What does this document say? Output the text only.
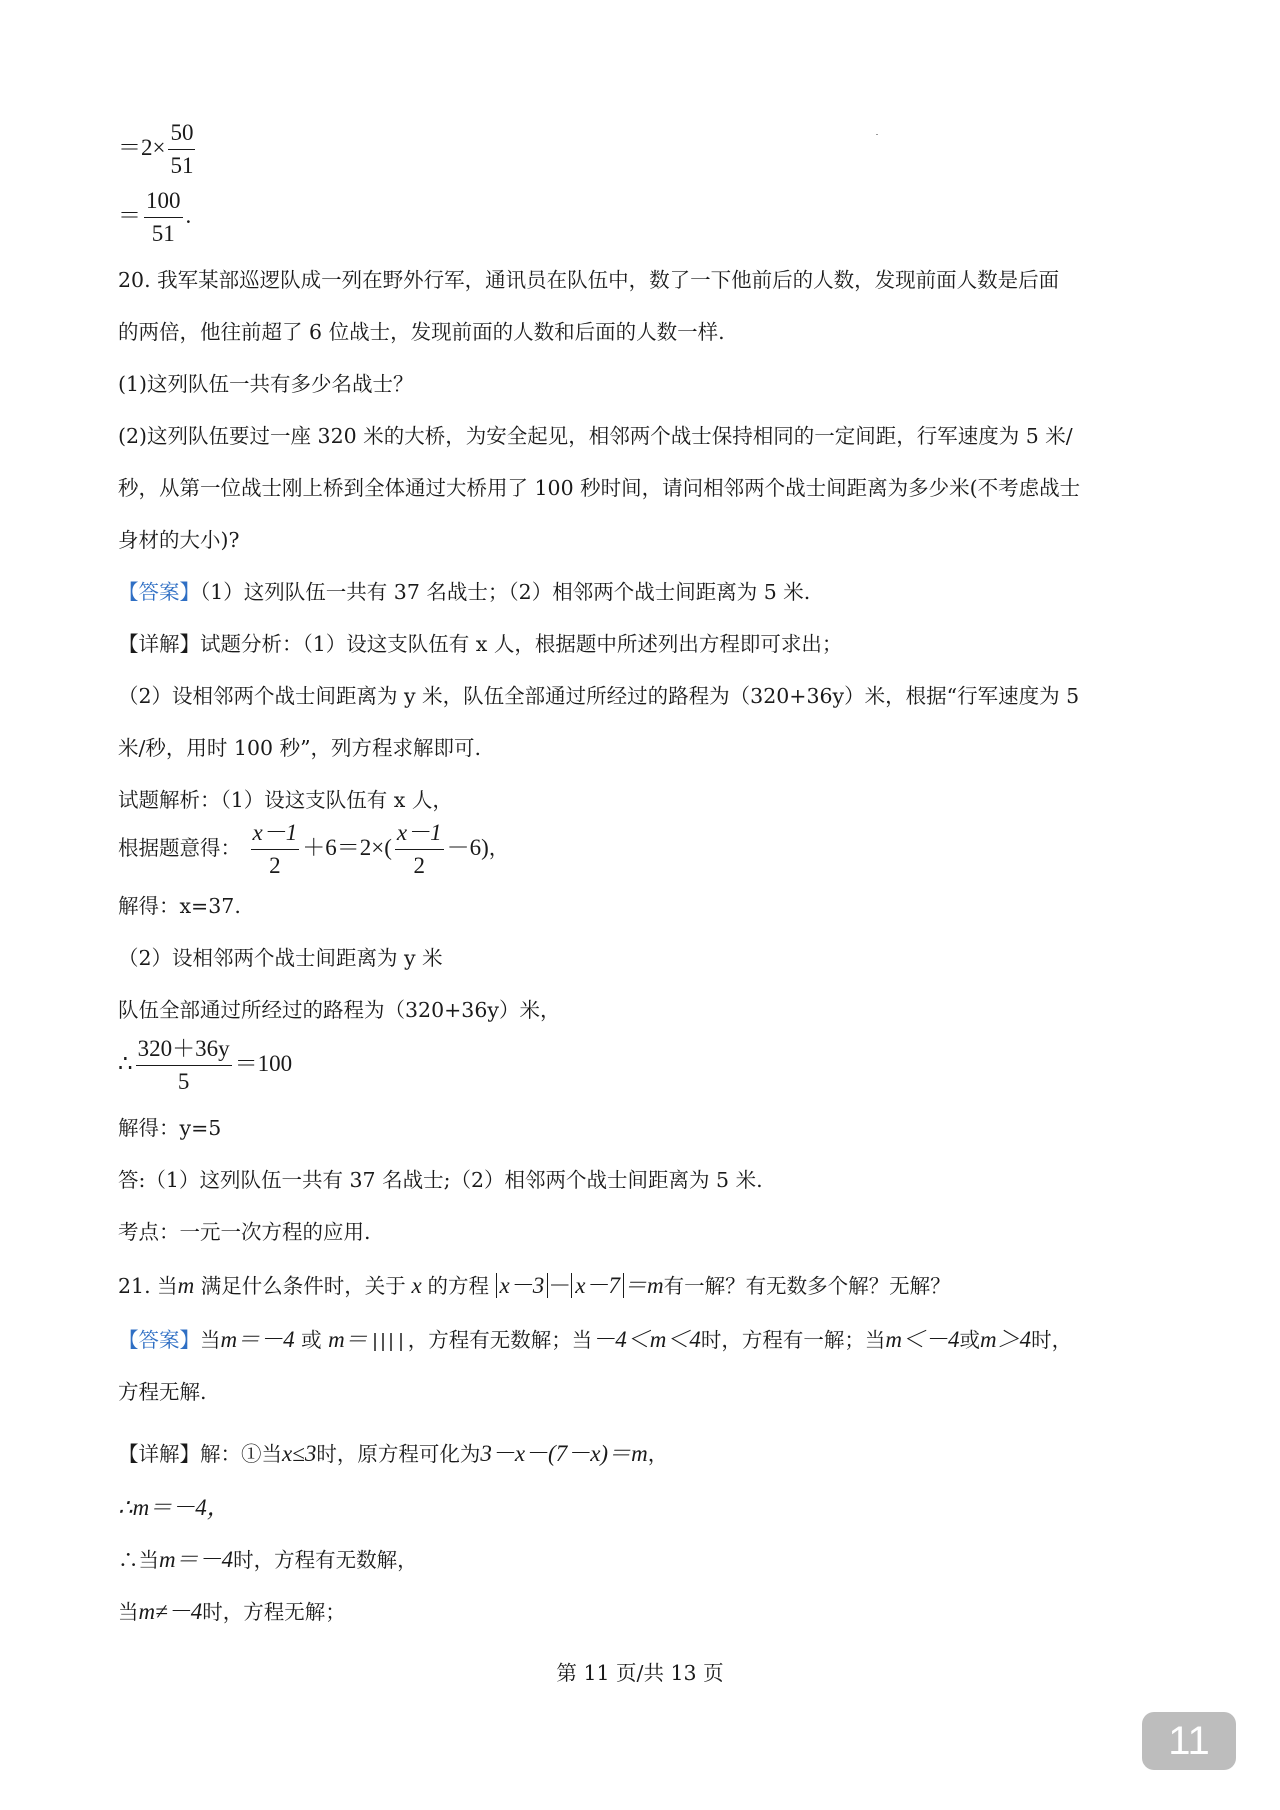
$=2\times \frac{50}{51}$
＝ $\frac{100}{51}$ .
20. 我军某部巡逻队成一列在野外行军，通讯员在队伍中，数了一下他前后的人数，发现前面人数是后面
的两倍，他往前超了 6 位战士，发现前面的人数和后面的人数一样.
(1)这列队伍一共有多少名战士？
(2)这列队伍要过一座 320 米的大桥，为安全起见，相邻两个战士保持相同的一定间距，行军速度为 5 米/
秒，从第一位战士刚上桥到全体通过大桥用了 100 秒时间，请问相邻两个战士间距离为多少米(不考虑战士
身材的大小)?
【答案】（1）这列队伍一共有 37 名战士；（2）相邻两个战士间距离为 5 米.
【详解】试题分析：（1）设这支队伍有 x 人，根据题中所述列出方程即可求出；
（2）设相邻两个战士间距离为 y 米，队伍全部通过所经过的路程为（320+36y）米，根据“行军速度为 5
米/秒，用时 100 秒”，列方程求解即可.
试题解析：（1）设这支队伍有 x 人，
根据题意得： $\frac{x-1}{2} +6=2\times( \frac{x-1}{2} -6)$，
解得：x=37.
（2）设相邻两个战士间距离为 y 米
队伍全部通过所经过的路程为（320+36y）米，
∴ $\frac{320+36y}{5} =100$
解得：y=5
答:（1）这列队伍一共有 37 名战士;（2）相邻两个战士间距离为 5 米.
考点：一元一次方程的应用.
21. 当m 满足什么条件时，关于 x 的方程 x－3 － x－7 ＝m有一解？有无数多个解？无解？
【答案】当m＝－4 或 m＝ ，方程有无数解；当－4＜m＜4时，方程有一解；当m＜－4或m＞4时，
方程无解.
【详解】解：①当x≤3时，原方程可化为3－x－(7－x)＝m，
∴m＝－4，
∴当m＝－4时，方程有无数解，
当m≠－4时，方程无解；
第 11 页/共 13 页
11
